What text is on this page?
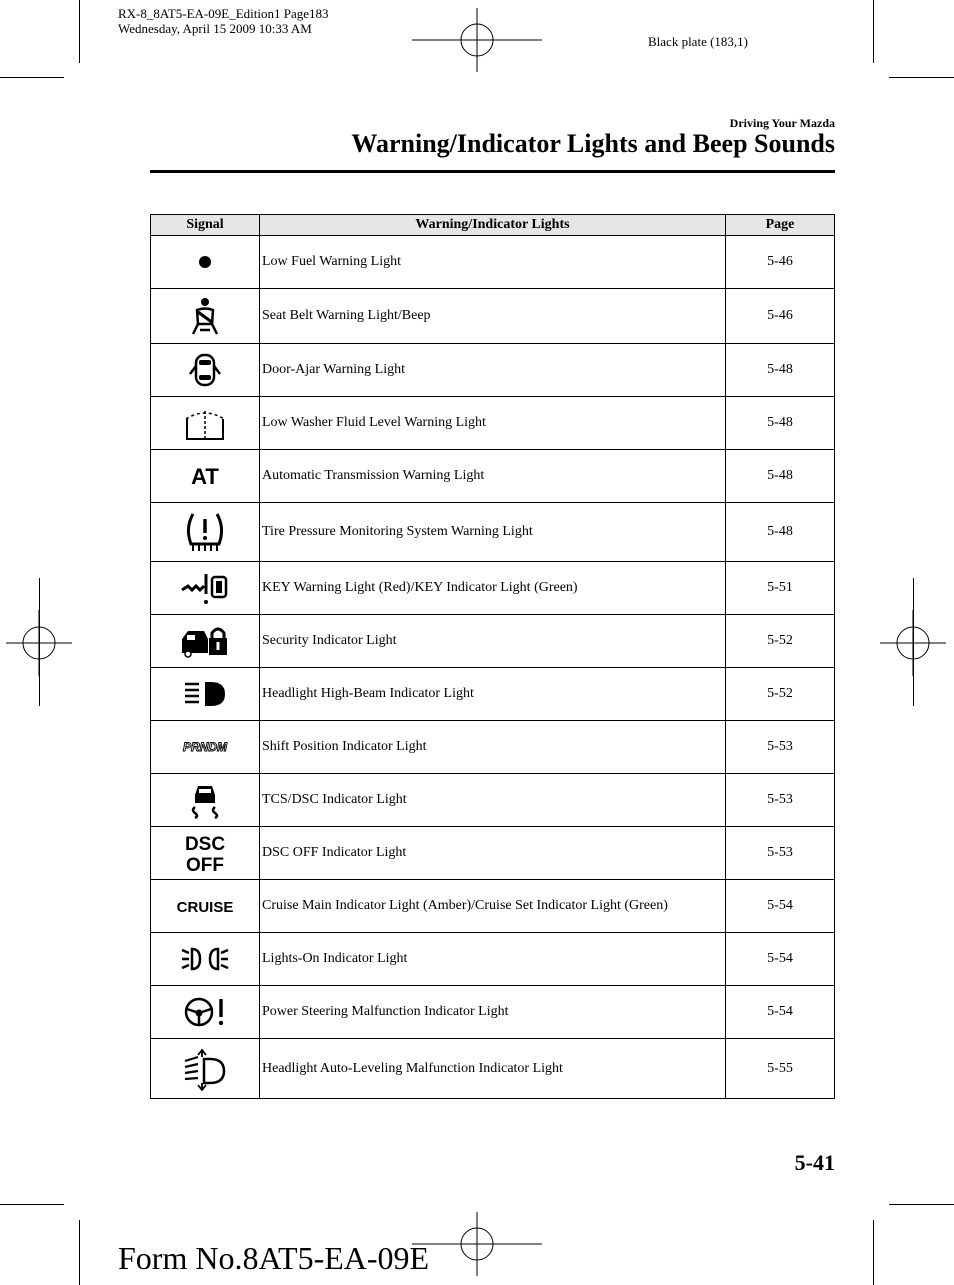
RX-8_8AT5-EA-09E_Edition1 Page183
Wednesday, April 15 2009 10:33 AM
Black plate (183,1)
Driving Your Mazda
Warning/Indicator Lights and Beep Sounds
Signal	Warning/Indicator Lights	Page
	Low Fuel Warning Light	5-46
	Seat Belt Warning Light/Beep	5-46
	Door-Ajar Warning Light	5-48
	Low Washer Fluid Level Warning Light	5-48

AT	Automatic Transmission Warning Light	5-48
	Tire Pressure Monitoring System Warning Light	5-48
	KEY Warning Light (Red)/KEY Indicator Light (Green)	5-51
	Security Indicator Light	5-52
	Headlight High-Beam Indicator Light	5-52

PRNDM	Shift Position Indicator Light	5-53
	TCS/DSC Indicator Light	5-53

DSC
OFF	DSC OFF Indicator Light	5-53

CRUISE	Cruise Main Indicator Light (Amber)/Cruise Set Indicator Light (Green)	5-54
	Lights-On Indicator Light	5-54
	Power Steering Malfunction Indicator Light	5-54
	Headlight Auto-Leveling Malfunction Indicator Light	5-55
5-41
Form No.8AT5-EA-09E
